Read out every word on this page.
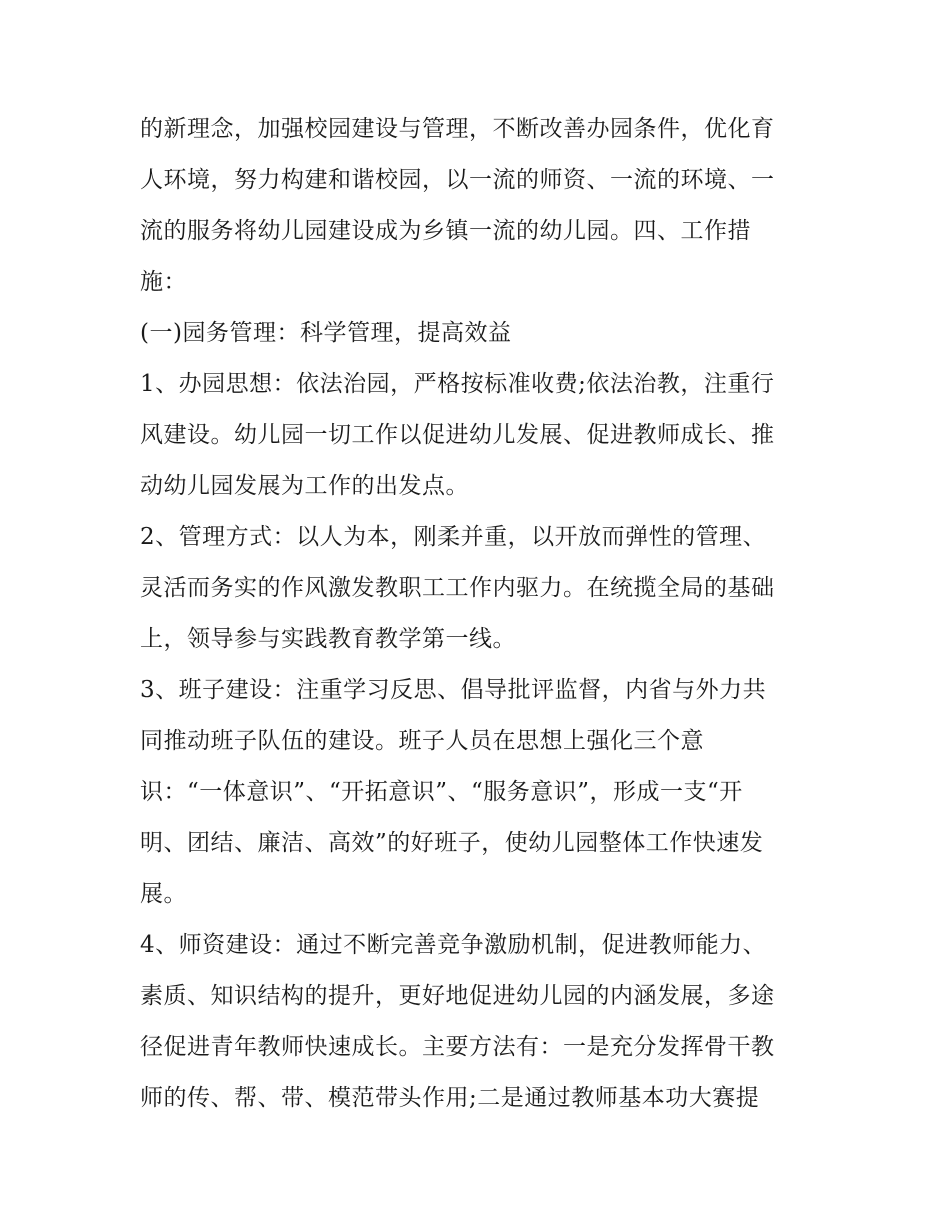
的新理念，加强校园建设与管理，不断改善办园条件，优化育
人环境，努力构建和谐校园，以一流的师资、一流的环境、一
流的服务将幼儿园建设成为乡镇一流的幼儿园。四、工作措
施：
(一)园务管理：科学管理，提高效益
1、办园思想：依法治园，严格按标准收费;依法治教，注重行
风建设。幼儿园一切工作以促进幼儿发展、促进教师成长、推
动幼儿园发展为工作的出发点。
2、管理方式：以人为本，刚柔并重，以开放而弹性的管理、
灵活而务实的作风激发教职工工作内驱力。在统揽全局的基础
上，领导参与实践教育教学第一线。
3、班子建设：注重学习反思、倡导批评监督，内省与外力共
同推动班子队伍的建设。班子人员在思想上强化三个意
识：“一体意识”、“开拓意识”、“服务意识”，形成一支“开
明、团结、廉洁、高效”的好班子，使幼儿园整体工作快速发
展。
4、师资建设：通过不断完善竞争激励机制，促进教师能力、
素质、知识结构的提升，更好地促进幼儿园的内涵发展，多途
径促进青年教师快速成长。主要方法有：一是充分发挥骨干教
师的传、帮、带、模范带头作用;二是通过教师基本功大赛提
